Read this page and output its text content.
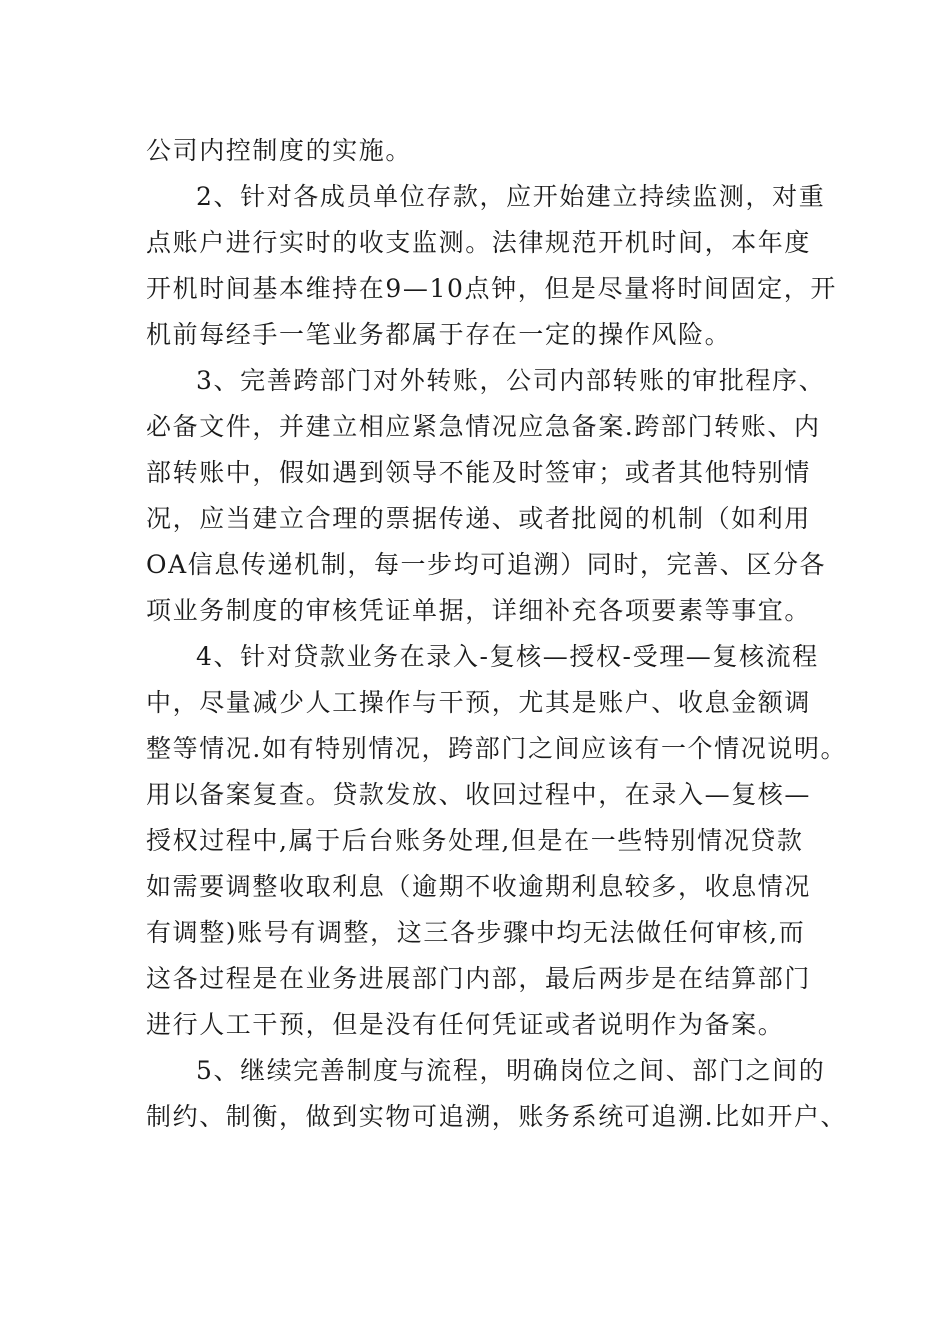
公司内控制度的实施。
2、针对各成员单位存款，应开始建立持续监测，对重
点账户进行实时的收支监测。法律规范开机时间，本年度
开机时间基本维持在9—10点钟，但是尽量将时间固定，开
机前每经手一笔业务都属于存在一定的操作风险。
3、完善跨部门对外转账，公司内部转账的审批程序、
必备文件，并建立相应紧急情况应急备案.跨部门转账、内
部转账中，假如遇到领导不能及时签审；或者其他特别情
况，应当建立合理的票据传递、或者批阅的机制（如利用
OA信息传递机制，每一步均可追溯）同时，完善、区分各
项业务制度的审核凭证单据，详细补充各项要素等事宜。
4、针对贷款业务在录入-复核—授权-受理—复核流程
中，尽量减少人工操作与干预，尤其是账户、收息金额调
整等情况.如有特别情况，跨部门之间应该有一个情况说明。
用以备案复查。贷款发放、收回过程中，在录入—复核—
授权过程中,属于后台账务处理,但是在一些特别情况贷款
如需要调整收取利息（逾期不收逾期利息较多，收息情况
有调整)账号有调整，这三各步骤中均无法做任何审核,而
这各过程是在业务进展部门内部，最后两步是在结算部门
进行人工干预，但是没有任何凭证或者说明作为备案。
5、继续完善制度与流程，明确岗位之间、部门之间的
制约、制衡，做到实物可追溯，账务系统可追溯.比如开户、
